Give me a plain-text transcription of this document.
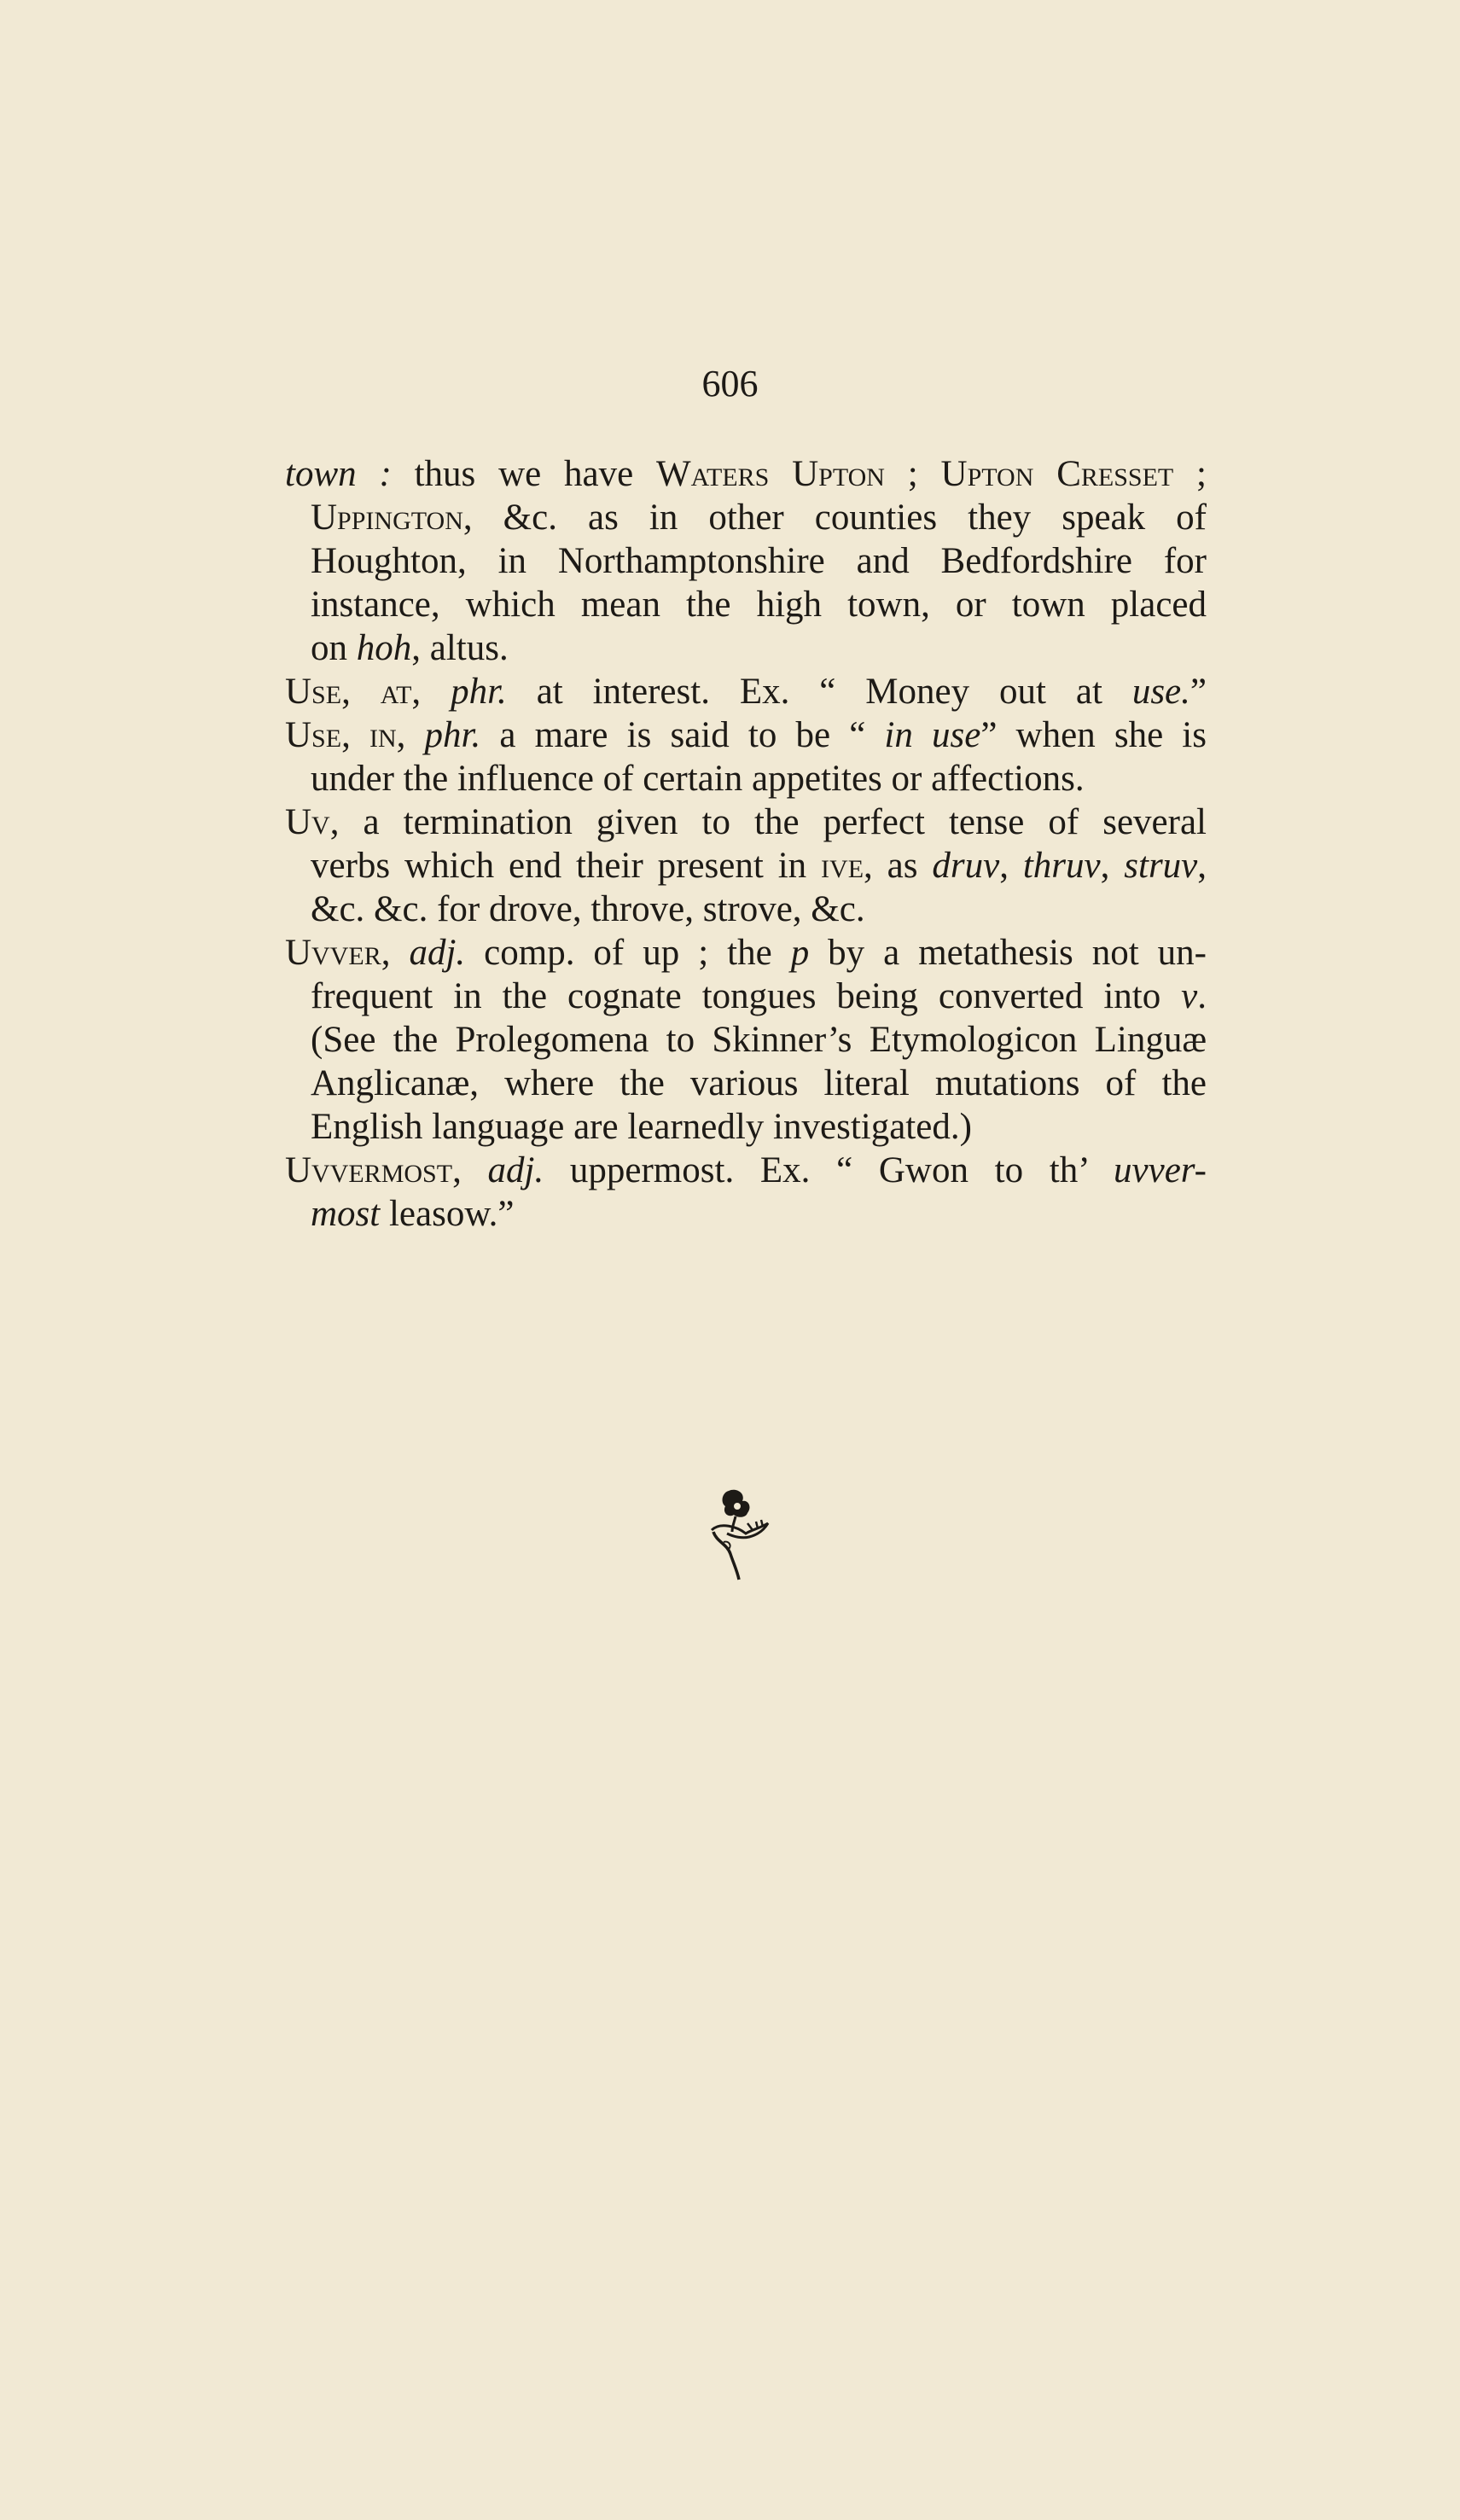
606
town : thus we have Waters Upton ; Upton Cresset ;
Uppington, &c. as in other counties they speak of
Houghton, in Northamptonshire and Bedfordshire for
instance, which mean the high town, or town placed
on hoh, altus.
Use, at, phr. at interest. Ex. “ Money out at use.”
Use, in, phr. a mare is said to be “ in use” when she is
under the influence of certain appetites or affections.
Uv, a termination given to the perfect tense of several
verbs which end their present in ive, as druv, thruv, struv,
&c. &c. for drove, throve, strove, &c.
Uvver, adj. comp. of up ; the p by a metathesis not un-
frequent in the cognate tongues being converted into v.
(See the Prolegomena to Skinner’s Etymologicon Linguæ
Anglicanæ, where the various literal mutations of the
English language are learnedly investigated.)
Uvvermost, adj. uppermost. Ex. “ Gwon to th’ uvver-
most leasow.”
